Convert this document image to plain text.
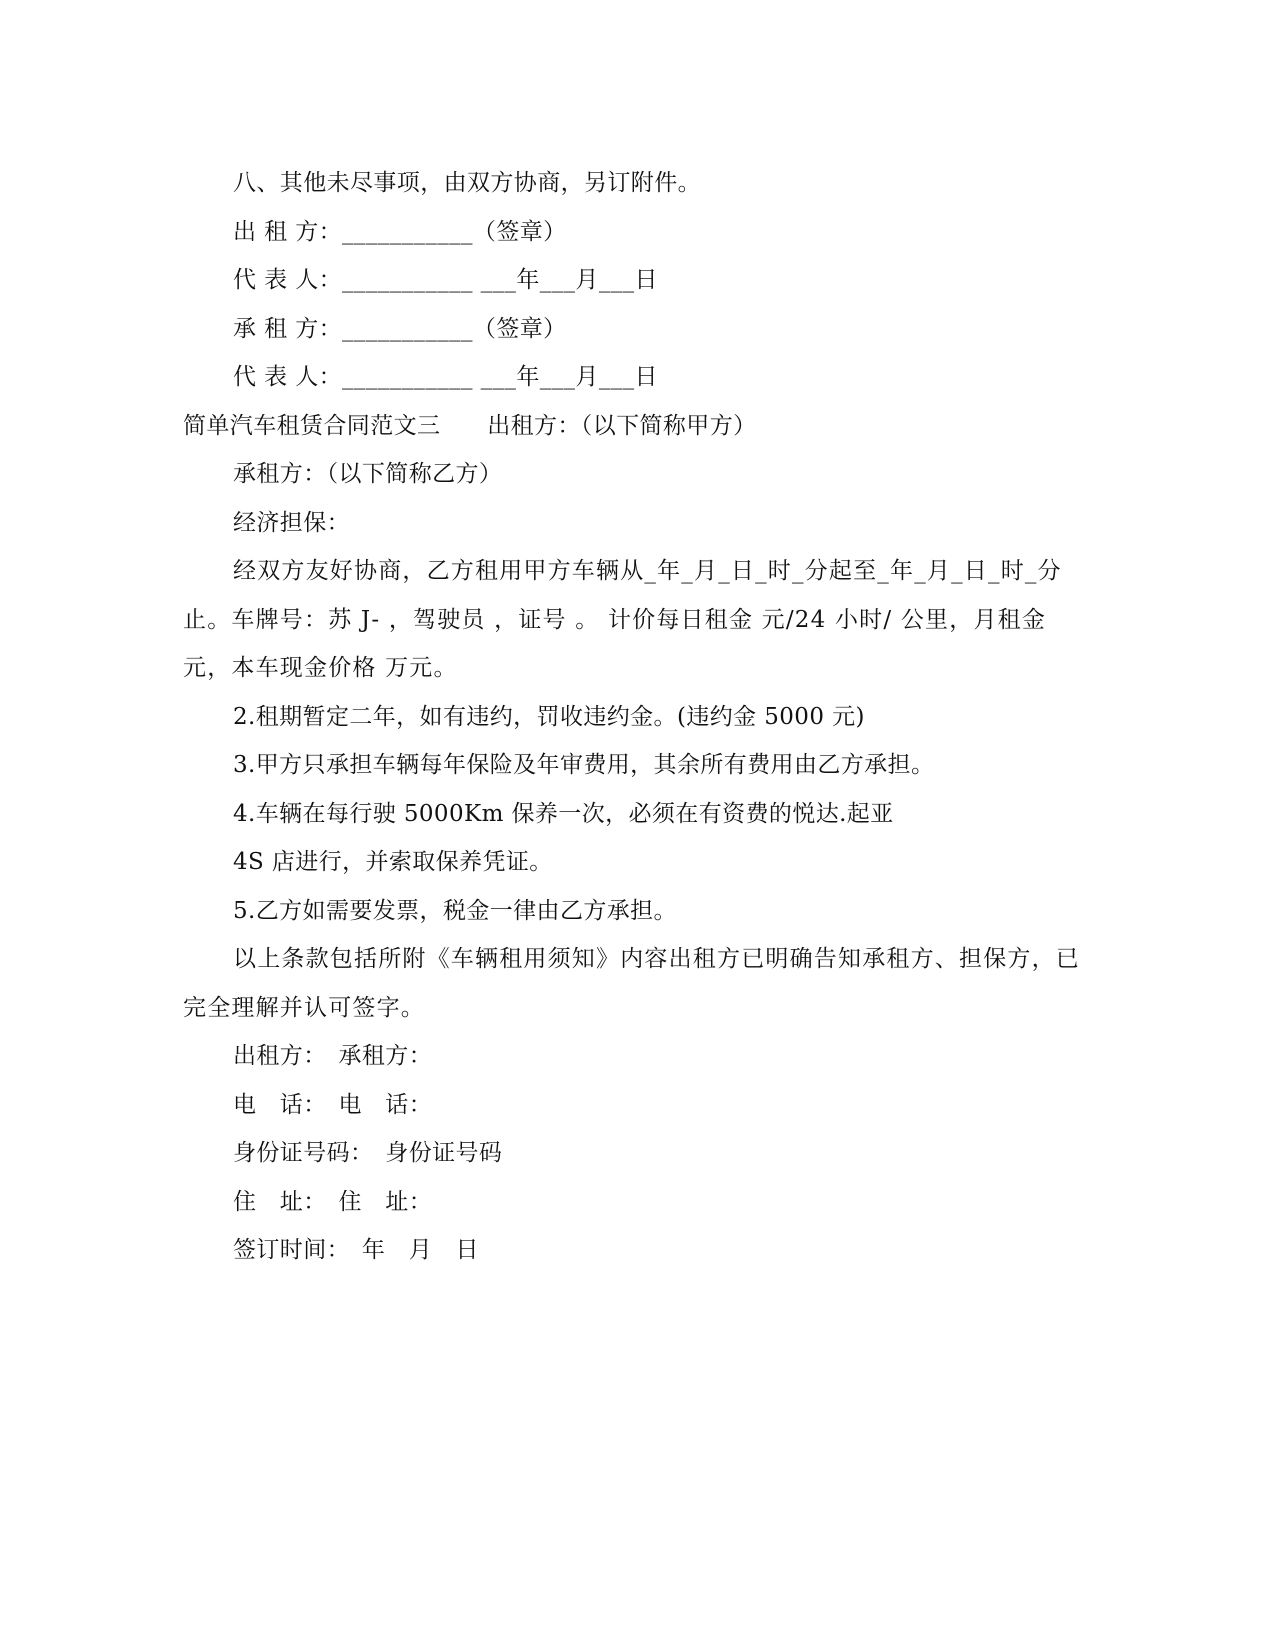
八、其他未尽事项，由双方协商，另订附件。
出 租 方：___________（签章）
代 表 人：___________ ___年___月___日
承 租 方：___________（签章）
代 表 人：___________ ___年___月___日
简单汽车租赁合同范文三　　出租方：（以下简称甲方）
承租方：（以下简称乙方）
经济担保：
经双方友好协商，乙方租用甲方车辆从_年_月_日_时_分起至_年_月_日_时_分止。车牌号：苏 J- ，驾驶员 ，证号 。 计价每日租金 元/24 小时/ 公里，月租金 元，本车现金价格 万元。
2.租期暂定二年，如有违约，罚收违约金。(违约金 5000 元)
3.甲方只承担车辆每年保险及年审费用，其余所有费用由乙方承担。
4.车辆在每行驶 5000Km 保养一次，必须在有资费的悦达.起亚
4S 店进行，并索取保养凭证。
5.乙方如需要发票，税金一律由乙方承担。
以上条款包括所附《车辆租用须知》内容出租方已明确告知承租方、担保方，已完全理解并认可签字。
出租方：　承租方：
电　话：　电　话：
身份证号码：　身份证号码
住　址：　住　址：
签订时间：　年　月　日
